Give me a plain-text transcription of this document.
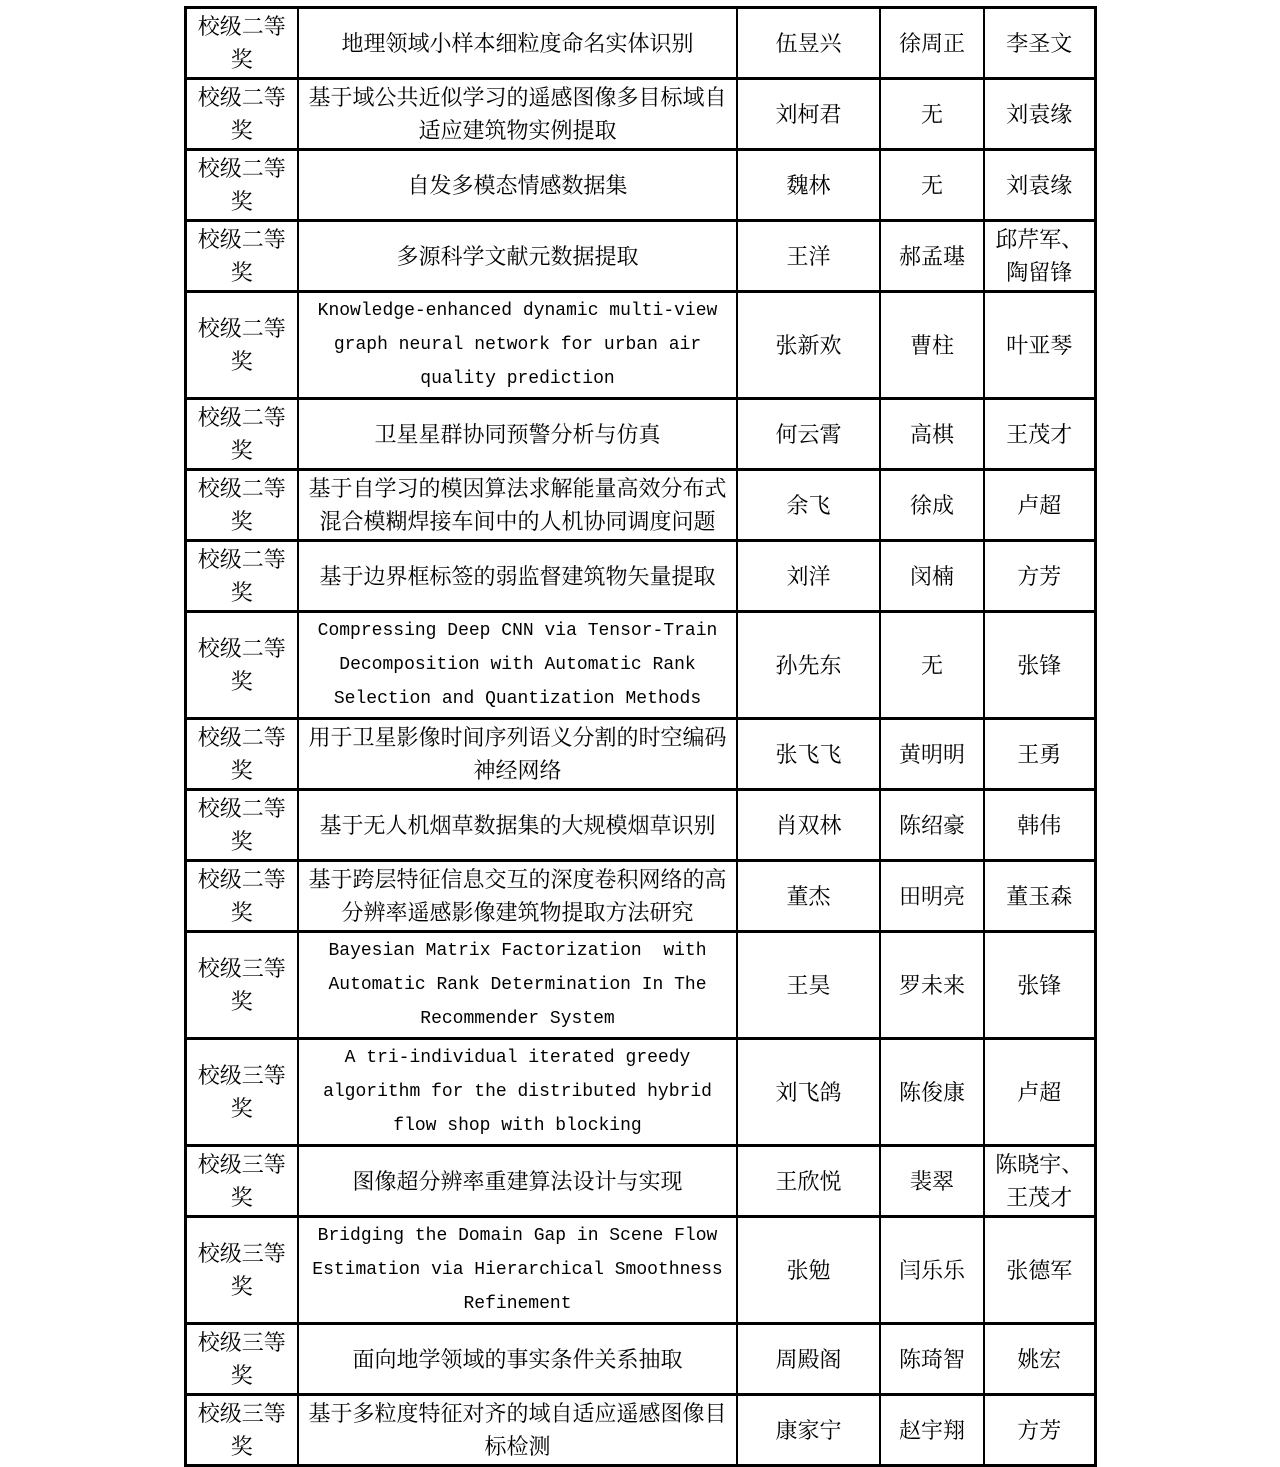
校级二等奖	地理领域小样本细粒度命名实体识别	伍昱兴	徐周正	李圣文
校级二等奖	基于域公共近似学习的遥感图像多目标域自适应建筑物实例提取	刘柯君	无	刘袁缘
校级二等奖	自发多模态情感数据集	魏林	无	刘袁缘
校级二等奖	多源科学文献元数据提取	王洋	郝孟璂	邱芹军、陶留锋
校级二等奖	Knowledge-enhanced dynamic multi-view graph neural network for urban air quality prediction	张新欢	曹柱	叶亚琴
校级二等奖	卫星星群协同预警分析与仿真	何云霄	高棋	王茂才
校级二等奖	基于自学习的模因算法求解能量高效分布式混合模糊焊接车间中的人机协同调度问题	余飞	徐成	卢超
校级二等奖	基于边界框标签的弱监督建筑物矢量提取	刘洋	闵楠	方芳
校级二等奖	Compressing Deep CNN via Tensor-Train Decomposition with Automatic Rank Selection and Quantization Methods	孙先东	无	张锋
校级二等奖	用于卫星影像时间序列语义分割的时空编码神经网络	张飞飞	黄明明	王勇
校级二等奖	基于无人机烟草数据集的大规模烟草识别	肖双林	陈绍豪	韩伟
校级二等奖	基于跨层特征信息交互的深度卷积网络的高分辨率遥感影像建筑物提取方法研究	董杰	田明亮	董玉森
校级三等奖	Bayesian Matrix Factorization  with Automatic Rank Determination In The Recommender System	王昊	罗未来	张锋
校级三等奖	A tri-individual iterated greedy algorithm for the distributed hybrid flow shop with blocking	刘飞鸽	陈俊康	卢超
校级三等奖	图像超分辨率重建算法设计与实现	王欣悦	裴翠	陈晓宇、王茂才
校级三等奖	Bridging the Domain Gap in Scene Flow Estimation via Hierarchical Smoothness Refinement	张勉	闫乐乐	张德军
校级三等奖	面向地学领域的事实条件关系抽取	周殿阁	陈琦智	姚宏
校级三等奖	基于多粒度特征对齐的域自适应遥感图像目标检测	康家宁	赵宇翔	方芳
